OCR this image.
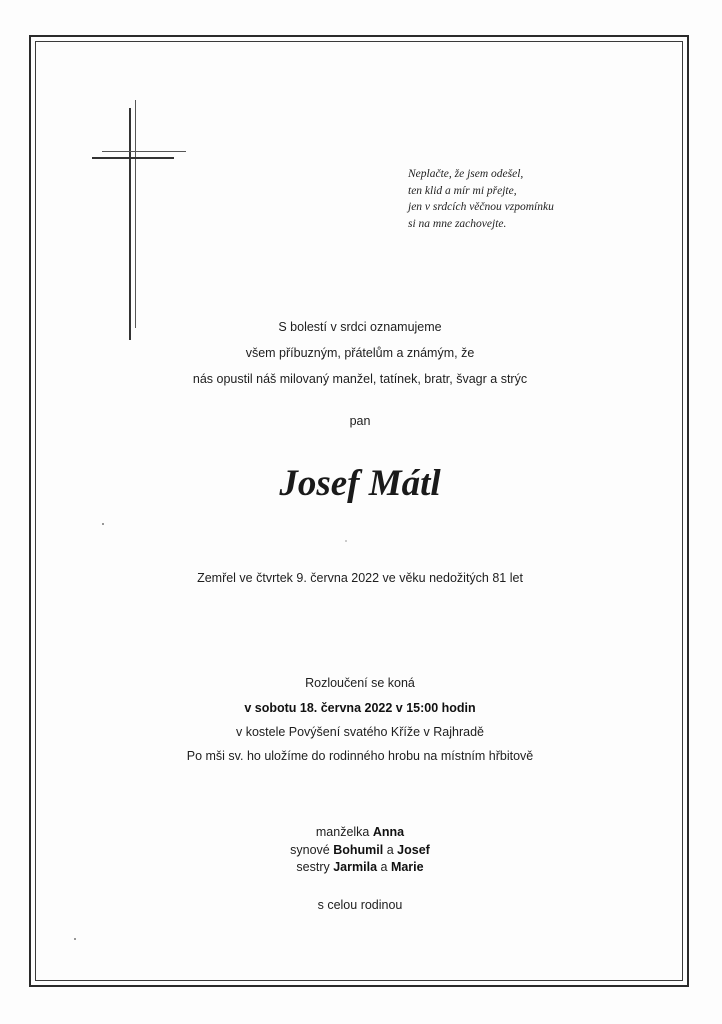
Neplačte, že jsem odešel,
ten klid a mír mi přejte,
jen v srdcích věčnou vzpomínku
si na mne zachovejte.
S bolestí v srdci oznamujeme
všem příbuzným, přátelům a známým, že
nás opustil náš milovaný manžel, tatínek, bratr, švagr a strýc
pan
Josef Mátl
Zemřel ve čtvrtek 9. června 2022 ve věku nedožitých 81 let
Rozloučení se koná
v sobotu 18. června 2022 v 15:00 hodin
v kostele Povýšení svatého Kříže v Rajhradě
Po mši sv. ho uložíme do rodinného hrobu na místním hřbitově
manželka Anna
synové Bohumil a Josef
sestry Jarmila a Marie
s celou rodinou
